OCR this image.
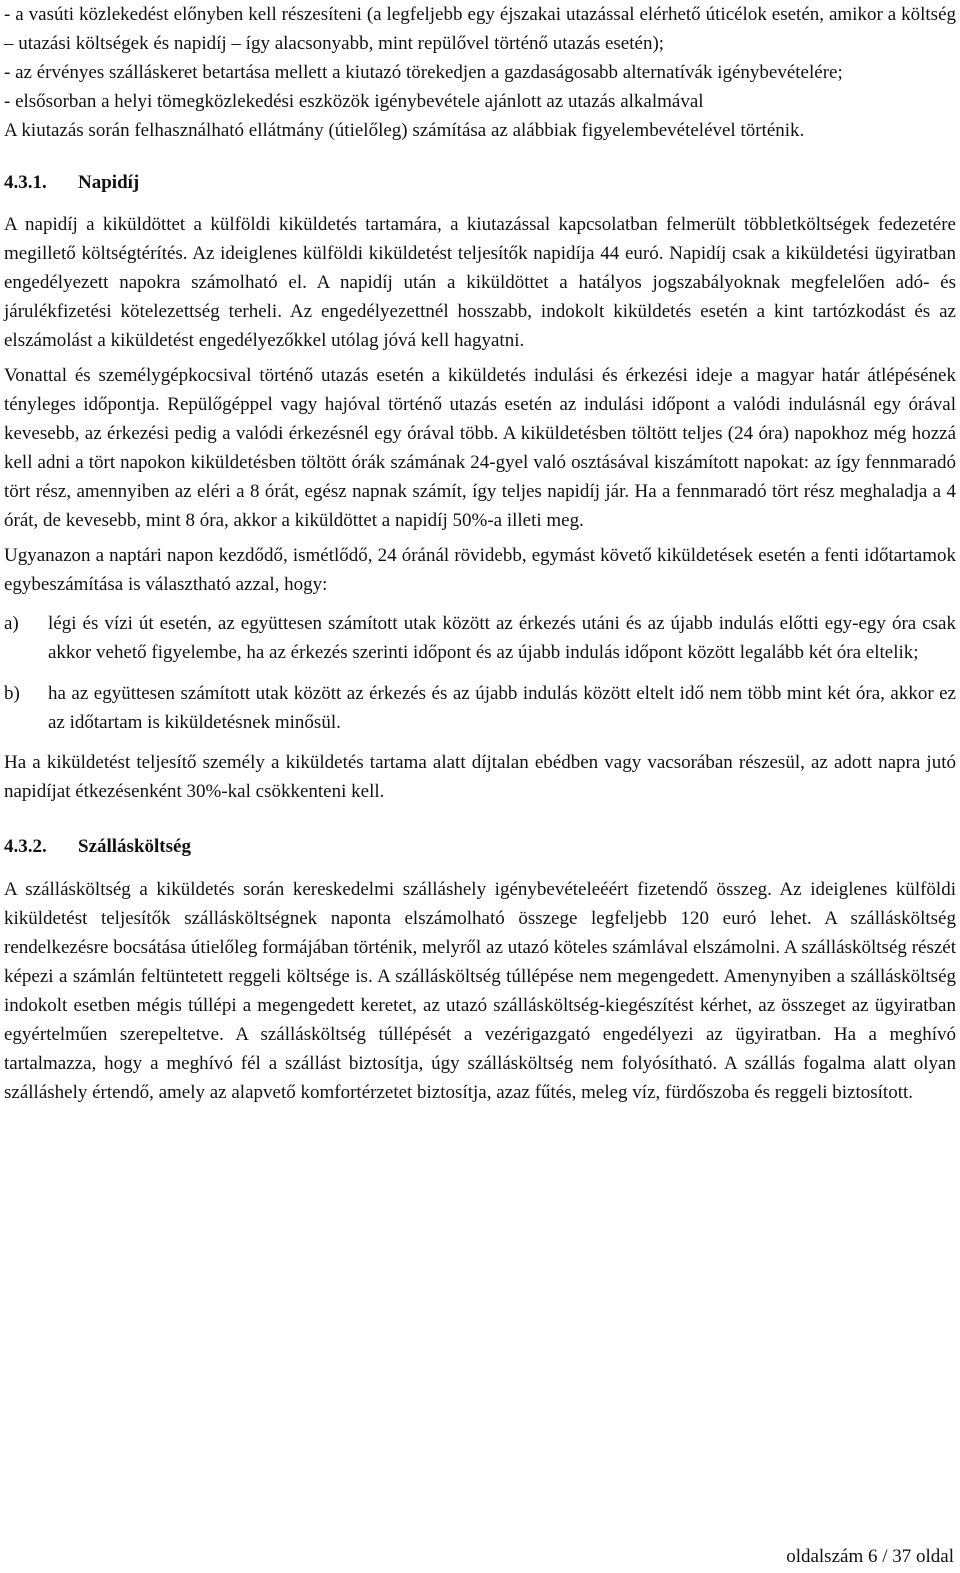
- a vasúti közlekedést előnyben kell részesíteni (a legfeljebb egy éjszakai utazással elérhető úticélok esetén, amikor a költség – utazási költségek és napidíj – így alacsonyabb, mint repülővel történő utazás esetén);

- az érvényes szálláskeret betartása mellett a kiutazó törekedjen a gazdaságosabb alternatívák igénybevételére;

- elsősorban a helyi tömegközlekedési eszközök igénybevétele ajánlott az utazás alkalmával

A kiutazás során felhasználható ellátmány (útielőleg) számítása az alábbiak figyelembevételével történik.

4.3.1. Napidíj

A napidíj a kiküldöttet a külföldi kiküldetés tartamára, a kiutazással kapcsolatban felmerült többletköltségek fedezetére megillető költségtérítés. Az ideiglenes külföldi kiküldetést teljesítők napidíja 44 euró. Napidíj csak a kiküldetési ügyiratban engedélyezett napokra számolható el. A napidíj után a kiküldöttet a hatályos jogszabályoknak megfelelően adó- és járulékfizetési kötelezettség terheli. Az engedélyezettnél hosszabb, indokolt kiküldetés esetén a kint tartózkodást és az elszámolást a kiküldetést engedélyezőkkel utólag jóvá kell hagyatni.

Vonattal és személygépkocsival történő utazás esetén a kiküldetés indulási és érkezési ideje a magyar határ átlépésének tényleges időpontja. Repülőgéppel vagy hajóval történő utazás esetén az indulási időpont a valódi indulásnál egy órával kevesebb, az érkezési pedig a valódi érkezésnél egy órával több. A kiküldetésben töltött teljes (24 óra) napokhoz még hozzá kell adni a tört napokon kiküldetésben töltött órák számának 24-gyel való osztásával kiszámított napokat: az így fennmaradó tört rész, amennyiben az eléri a 8 órát, egész napnak számít, így teljes napidíj jár. Ha a fennmaradó tört rész meghaladja a 4 órát, de kevesebb, mint 8 óra, akkor a kiküldöttet a napidíj 50%-a illeti meg.

Ugyanazon a naptári napon kezdődő, ismétlődő, 24 óránál rövidebb, egymást követő kiküldetések esetén a fenti időtartamok egybeszámítása is választható azzal, hogy:

a)	légi és vízi út esetén, az együttesen számított utak között az érkezés utáni és az újabb indulás előtti egy-egy óra csak akkor vehető figyelembe, ha az érkezés szerinti időpont és az újabb indulás időpont között legalább két óra eltelik;
b)	ha az együttesen számított utak között az érkezés és az újabb indulás között eltelt idő nem több mint két óra, akkor ez az időtartam is kiküldetésnek minősül.

Ha a kiküldetést teljesítő személy a kiküldetés tartama alatt díjtalan ebédben vagy vacsorában részesül, az adott napra jutó napidíjat étkezésenként 30%-kal csökkenteni kell.

4.3.2. Szállásköltség

A szállásköltség a kiküldetés során kereskedelmi szálláshely igénybevételeéért fizetendő összeg. Az ideiglenes külföldi kiküldetést teljesítők szállásköltségnek naponta elszámolható összege legfeljebb 120 euró lehet. A szállásköltség rendelkezésre bocsátása útielőleg formájában történik, melyről az utazó köteles számlával elszámolni. A szállásköltség részét képezi a számlán feltüntetett reggeli költsége is. A szállásköltség túllépése nem megengedett. Amenynyiben a szállásköltség indokolt esetben mégis túllépi a megengedett keretet, az utazó szállásköltség-kiegészítést kérhet, az összeget az ügyiratban egyértelműen szerepeltetve. A szállásköltség túllépését a vezérigazgató engedélyezi az ügyiratban. Ha a meghívó tartalmazza, hogy a meghívó fél a szállást biztosítja, úgy szállásköltség nem folyósítható. A szállás fogalma alatt olyan szálláshely értendő, amely az alapvető komfortérzetet biztosítja, azaz fűtés, meleg víz, fürdőszoba és reggeli biztosított.

oldalszám 6 / 37 oldal
